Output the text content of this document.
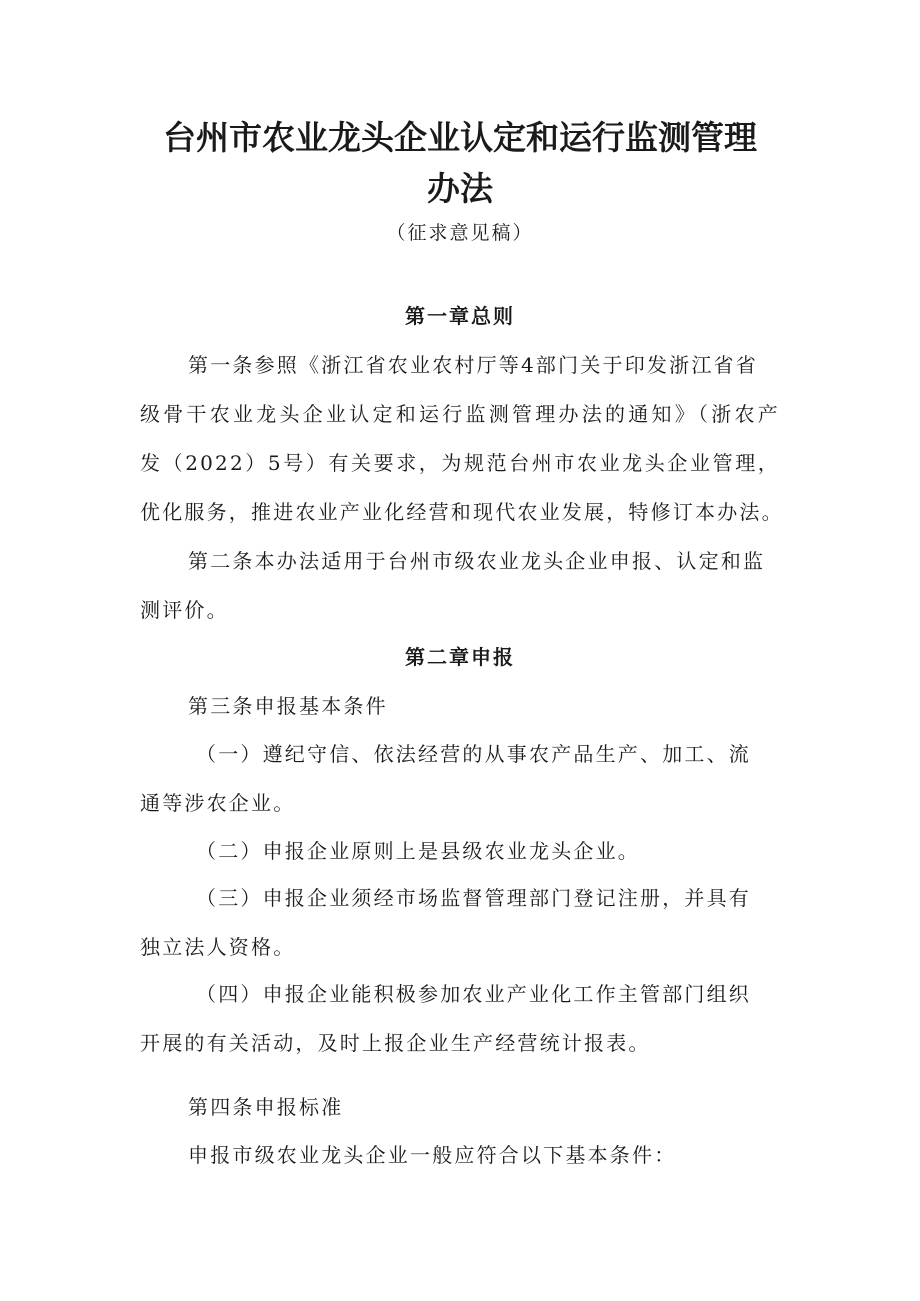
台州市农业龙头企业认定和运行监测管理
办法
（征求意见稿）
第一章总则
第一条参照《浙江省农业农村厅等4部门关于印发浙江省省
级骨干农业龙头企业认定和运行监测管理办法的通知》（浙农产
发（2022）5号）有关要求，为规范台州市农业龙头企业管理，
优化服务，推进农业产业化经营和现代农业发展，特修订本办法。
第二条本办法适用于台州市级农业龙头企业申报、认定和监
测评价。
第二章申报
第三条申报基本条件
（一）遵纪守信、依法经营的从事农产品生产、加工、流
通等涉农企业。
（二）申报企业原则上是县级农业龙头企业。
（三）申报企业须经市场监督管理部门登记注册，并具有
独立法人资格。
（四）申报企业能积极参加农业产业化工作主管部门组织
开展的有关活动，及时上报企业生产经营统计报表。
第四条申报标准
申报市级农业龙头企业一般应符合以下基本条件：
